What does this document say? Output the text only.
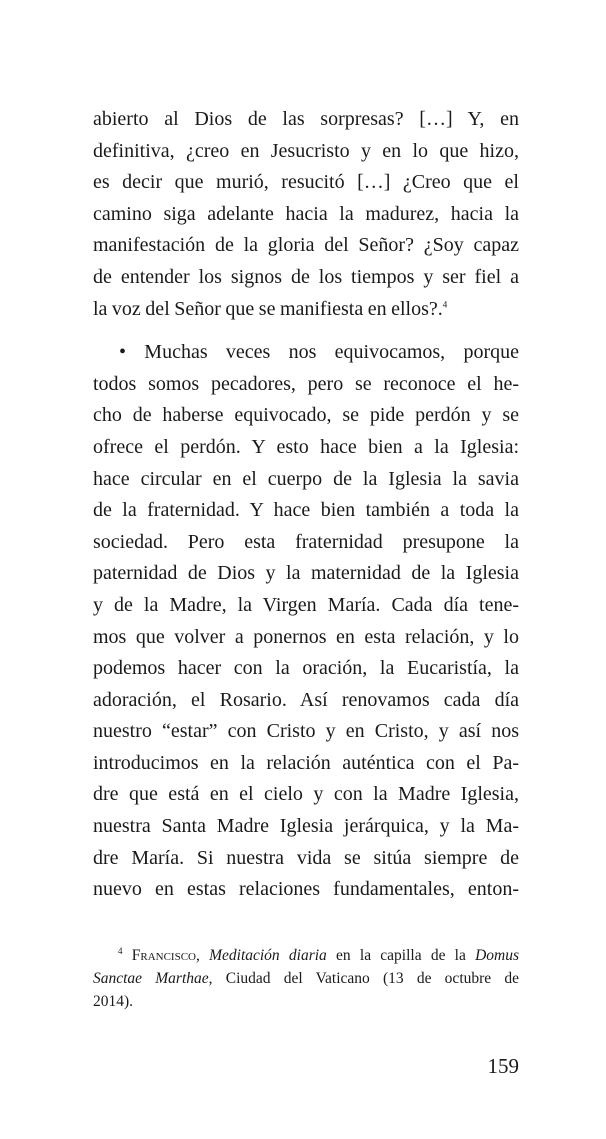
abierto al Dios de las sorpresas? […] Y, en
definitiva, ¿creo en Jesucristo y en lo que hizo,
es decir que murió, resucitó […] ¿Creo que el
camino siga adelante hacia la madurez, hacia la
manifestación de la gloria del Señor? ¿Soy capaz
de entender los signos de los tiempos y ser fiel a
la voz del Señor que se manifiesta en ellos?.$^4$
• Muchas veces nos equivocamos, porque
todos somos pecadores, pero se reconoce el he-
cho de haberse equivocado, se pide perdón y se
ofrece el perdón. Y esto hace bien a la Iglesia:
hace circular en el cuerpo de la Iglesia la savia
de la fraternidad. Y hace bien también a toda la
sociedad. Pero esta fraternidad presupone la
paternidad de Dios y la maternidad de la Iglesia
y de la Madre, la Virgen María. Cada día tene-
mos que volver a ponernos en esta relación, y lo
podemos hacer con la oración, la Eucaristía, la
adoración, el Rosario. Así renovamos cada día
nuestro “estar” con Cristo y en Cristo, y así nos
introducimos en la relación auténtica con el Pa-
dre que está en el cielo y con la Madre Iglesia,
nuestra Santa Madre Iglesia jerárquica, y la Ma-
dre María. Si nuestra vida se sitúa siempre de
nuevo en estas relaciones fundamentales, enton-
$^4$ Francisco, Meditación diaria en la capilla de la Domus
Sanctae Marthae, Ciudad del Vaticano (13 de octubre de
2014).
159
